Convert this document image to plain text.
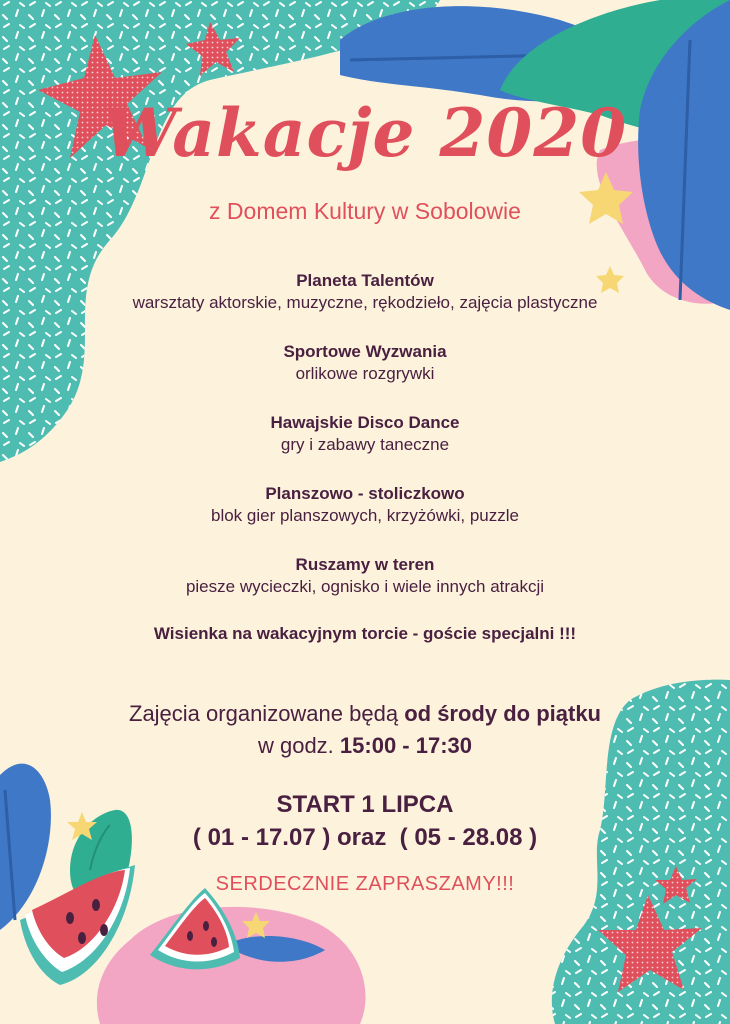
Wakacje 2020
z Domem Kultury w Sobolowie
Planeta Talentów
warsztaty aktorskie, muzyczne, rękodzieło, zajęcia plastyczne
Sportowe Wyzwania
orlikowe rozgrywki
Hawajskie Disco Dance
gry i zabawy taneczne
Planszowo - stoliczkowo
blok gier planszowych, krzyżówki, puzzle
Ruszamy w teren
piesze wycieczki, ognisko i wiele innych atrakcji
Wisienka na wakacyjnym torcie - goście specjalni !!!
Zajęcia organizowane będą od środy do piątku
w godz. 15:00 - 17:30
START 1 LIPCA
( 01 - 17.07 ) oraz  ( 05 - 28.08 )
SERDECZNIE ZAPRASZAMY!!!
